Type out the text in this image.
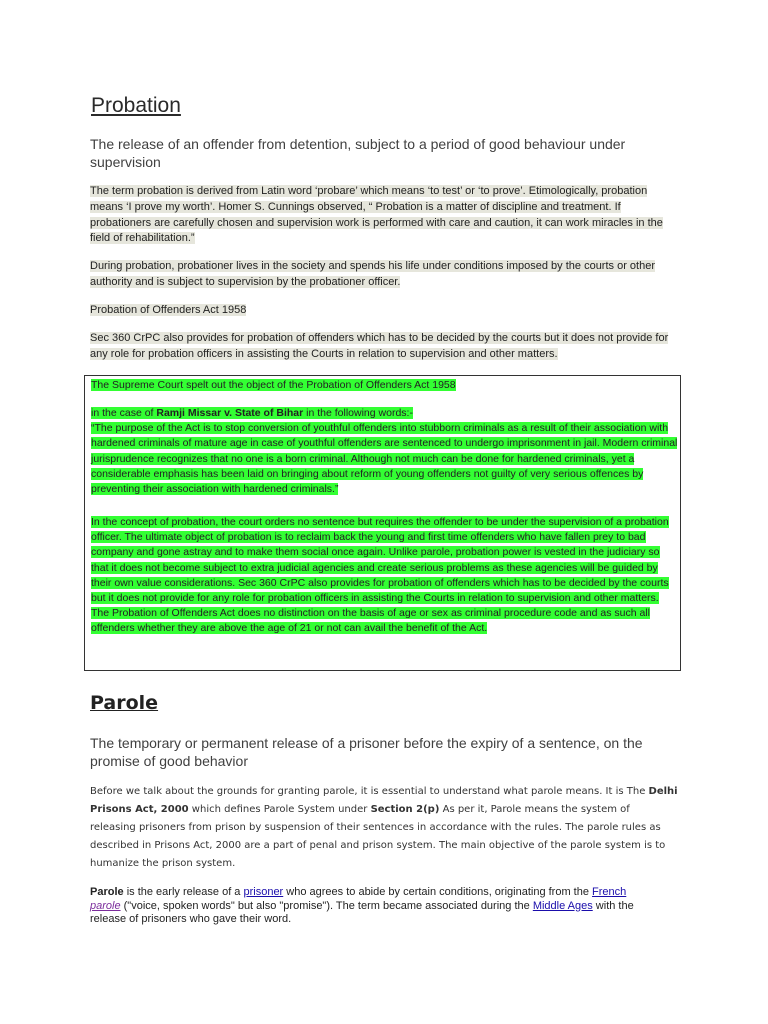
Probation

The release of an offender from detention, subject to a period of good behaviour under supervision

The term probation is derived from Latin word ‘probare’ which means ‘to test’ or ‘to prove’. Etimologically, probation means ‘I prove my worth’. Homer S. Cunnings observed, “ Probation is a matter of discipline and treatment. If probationers are carefully chosen and supervision work is performed with care and caution, it can work miracles in the field of rehabilitation.”

During probation, probationer lives in the society and spends his life under conditions imposed by the courts or other authority and is subject to supervision by the probationer officer.

Probation of Offenders Act 1958

Sec 360 CrPC also provides for probation of offenders which has to be decided by the courts but it does not provide for any role for probation officers in assisting the Courts in relation to supervision and other matters.

The Supreme Court spelt out the object of the Probation of Offenders Act 1958

in the case of Ramji Missar v. State of Bihar in the following words:-
“The purpose of the Act is to stop conversion of youthful offenders into stubborn criminals as a result of their association with hardened criminals of mature age in case of youthful offenders are sentenced to undergo imprisonment in jail. Modern criminal jurisprudence recognizes that no one is a born criminal. Although not much can be done for hardened criminals, yet a considerable emphasis has been laid on bringing about reform of young offenders not guilty of very serious offences by preventing their association with hardened criminals.”

In the concept of probation, the court orders no sentence but requires the offender to be under the supervision of a probation officer. The ultimate object of probation is to reclaim back the young and first time offenders who have fallen prey to bad company and gone astray and to make them social once again. Unlike parole, probation power is vested in the judiciary so that it does not become subject to extra judicial agencies and create serious problems as these agencies will be guided by their own value considerations. Sec 360 CrPC also provides for probation of offenders which has to be decided by the courts but it does not provide for any role for probation officers in assisting the Courts in relation to supervision and other matters. The Probation of Offenders Act does no distinction on the basis of age or sex as criminal procedure code and as such all offenders whether they are above the age of 21 or not can avail the benefit of the Act.

Parole

The temporary or permanent release of a prisoner before the expiry of a sentence, on the promise of good behavior

Before we talk about the grounds for granting parole, it is essential to understand what parole means. It is The Delhi Prisons Act, 2000 which defines Parole System under Section 2(p) As per it, Parole means the system of releasing prisoners from prison by suspension of their sentences in accordance with the rules. The parole rules as described in Prisons Act, 2000 are a part of penal and prison system. The main objective of the parole system is to humanize the prison system.

Parole is the early release of a prisoner who agrees to abide by certain conditions, originating from the French parole ("voice, spoken words" but also "promise"). The term became associated during the Middle Ages with the release of prisoners who gave their word.
